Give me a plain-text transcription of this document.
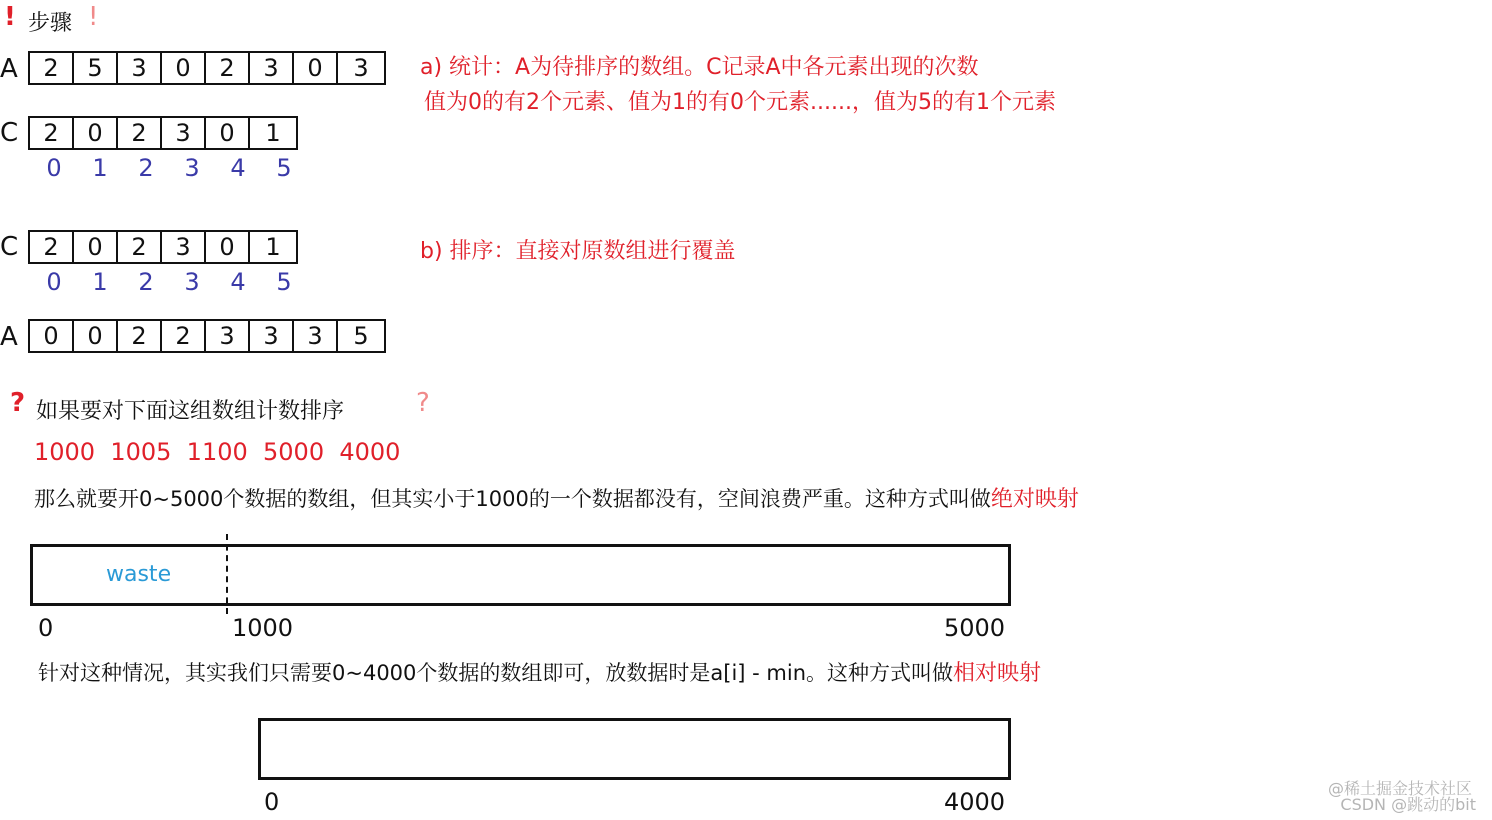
! 步骤 !
A	2	5	3	0	2	3	0	3	a) 统计：A为待排序的数组。C记录A中各元素出现的次数
值为0的有2个元素、值为1的有0个元素......，值为5的有1个元素
C	2	0	2	3	0	1
0	1	2	3	4	5
C	2	0	2	3	0	1
0	1	2	3	4	5
b) 排序：直接对原数组进行覆盖
A	0	0	2	2	3	3	3	5
? 如果要对下面这组数组计数排序	?
1000  1005  1100  5000  4000
那么就要开0~5000个数据的数组，但其实小于1000的一个数据都没有，空间浪费严重。这种方式叫做绝对映射
waste
0	1000	5000
针对这种情况，其实我们只需要0~4000个数据的数组即可，放数据时是a[i] - min。这种方式叫做相对映射
0	4000	@稀土掘金技术社区
CSDN @跳动的bit
